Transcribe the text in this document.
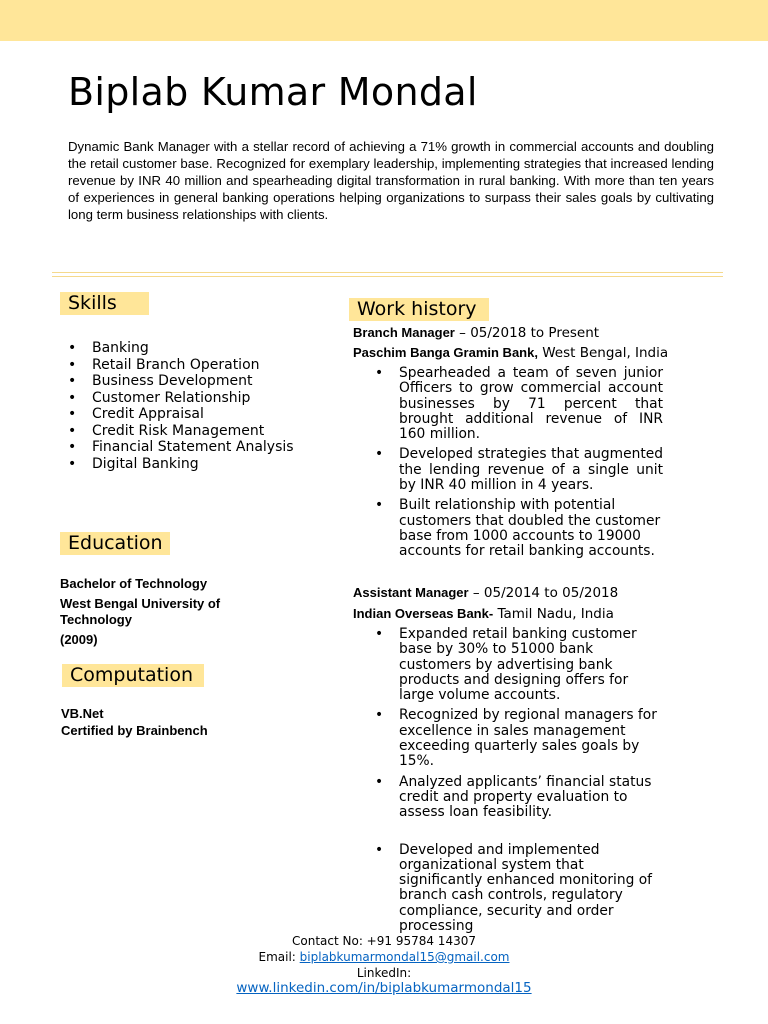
Biplab Kumar Mondal

Dynamic Bank Manager with a stellar record of achieving a 71% growth in commercial accounts and doubling the retail customer base. Recognized for exemplary leadership, implementing strategies that increased lending revenue by INR 40 million and spearheading digital transformation in rural banking. With more than ten years of experiences in general banking operations helping organizations to surpass their sales goals by cultivating long term business relationships with clients.

Skills
• Banking
• Retail Branch Operation
• Business Development
• Customer Relationship
• Credit Appraisal
• Credit Risk Management
• Financial Statement Analysis
• Digital Banking
Education
Bachelor of Technology
West Bengal University of Technology
(2009)
Computation
VB.Net
Certified by Brainbench
Work history
Branch Manager – 05/2018 to Present
Paschim Banga Gramin Bank, West Bengal, India
• Spearheaded a team of seven junior Officers to grow commercial account businesses by 71 percent that brought additional revenue of INR 160 million.
• Developed strategies that augmented the lending revenue of a single unit by INR 40 million in 4 years.
• Built relationship with potential customers that doubled the customer base from 1000 accounts to 19000 accounts for retail banking accounts.
Assistant Manager – 05/2014 to 05/2018
Indian Overseas Bank- Tamil Nadu, India
• Expanded retail banking customer base by 30% to 51000 bank customers by advertising bank products and designing offers for large volume accounts.
• Recognized by regional managers for excellence in sales management exceeding quarterly sales goals by 15%.
• Analyzed applicants’ financial status credit and property evaluation to assess loan feasibility.
• Developed and implemented organizational system that significantly enhanced monitoring of branch cash controls, regulatory compliance, security and order processing
Contact No: +91 95784 14307
Email: biplabkumarmondal15@gmail.com
LinkedIn:
www.linkedin.com/in/biplabkumarmondal15
